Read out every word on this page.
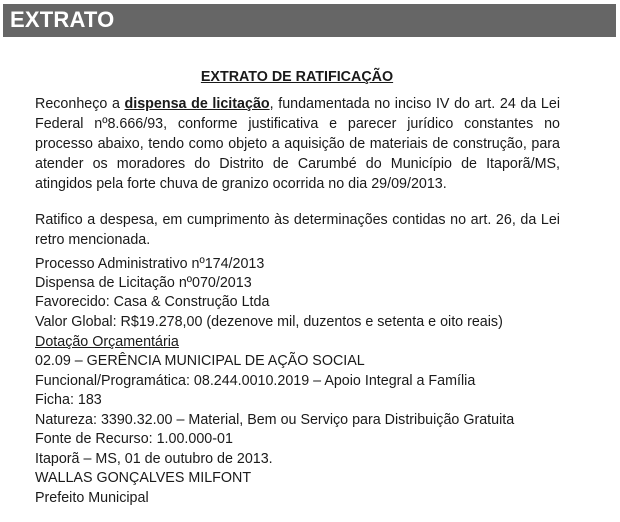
EXTRATO
EXTRATO DE RATIFICAÇÃO
Reconheço a dispensa de licitação, fundamentada no inciso IV do art. 24 da Lei Federal nº8.666/93, conforme justificativa e parecer jurídico constantes no processo abaixo, tendo como objeto a aquisição de materiais de construção, para atender os moradores do Distrito de Carumbé do Município de Itaporã/MS, atingidos pela forte chuva de granizo ocorrida no dia 29/09/2013.
Ratifico a despesa, em cumprimento às determinações contidas no art. 26, da Lei retro mencionada.
Processo Administrativo nº174/2013
Dispensa de Licitação nº070/2013
Favorecido: Casa & Construção Ltda
Valor Global: R$19.278,00 (dezenove mil, duzentos e setenta e oito reais)
Dotação Orçamentária
02.09 – GERÊNCIA MUNICIPAL DE AÇÃO SOCIAL
Funcional/Programática: 08.244.0010.2019 – Apoio Integral a Família
Ficha: 183
Natureza: 3390.32.00 – Material, Bem ou Serviço para Distribuição Gratuita
Fonte de Recurso: 1.00.000-01
Itaporã – MS, 01 de outubro de 2013.
WALLAS GONÇALVES MILFONT
Prefeito Municipal
